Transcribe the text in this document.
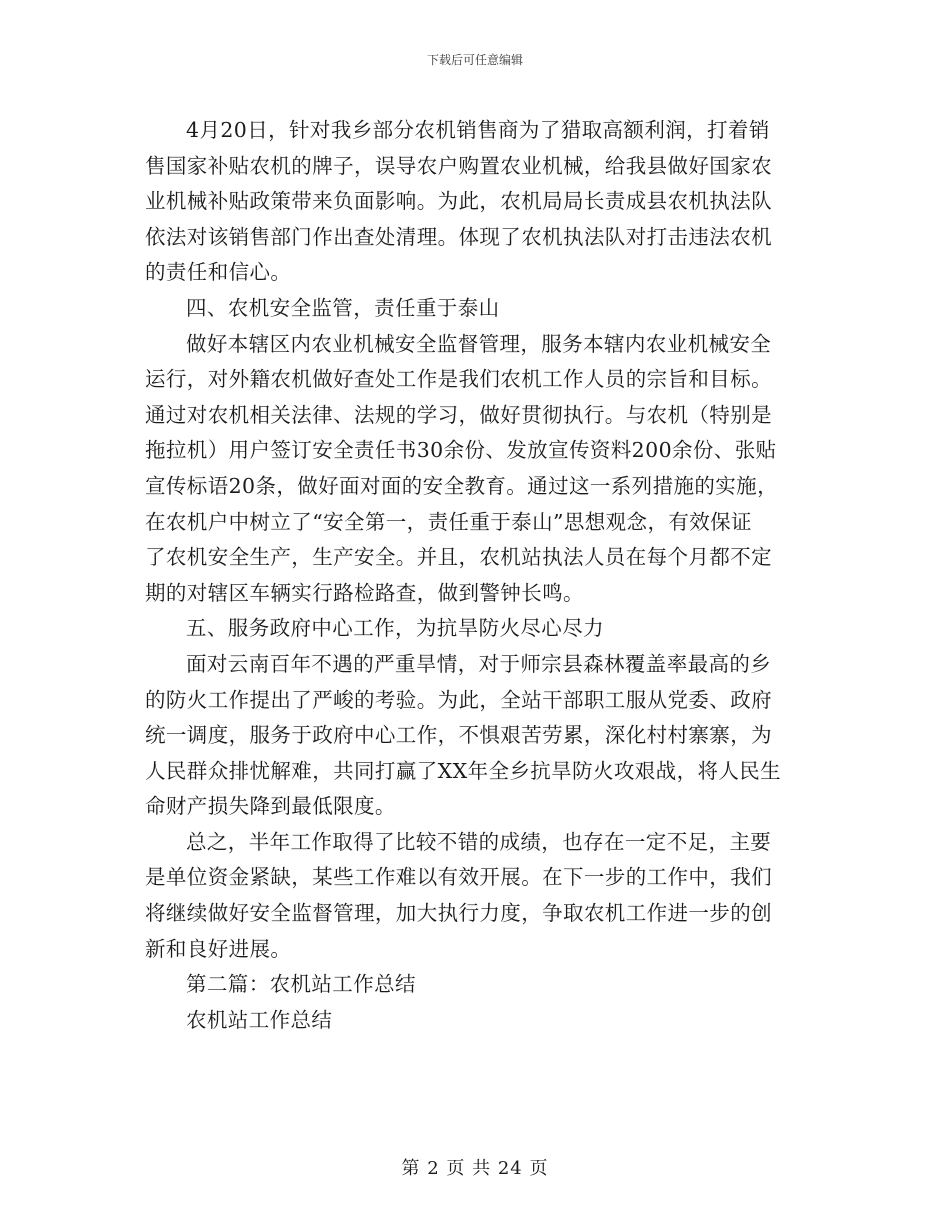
下载后可任意编辑

4月20日，针对我乡部分农机销售商为了猎取高额利润，打着销
售国家补贴农机的牌子，误导农户购置农业机械，给我县做好国家农
业机械补贴政策带来负面影响。为此，农机局局长责成县农机执法队
依法对该销售部门作出查处清理。体现了农机执法队对打击违法农机
的责任和信心。

四、农机安全监管，责任重于泰山

做好本辖区内农业机械安全监督管理，服务本辖内农业机械安全
运行，对外籍农机做好查处工作是我们农机工作人员的宗旨和目标。
通过对农机相关法律、法规的学习，做好贯彻执行。与农机（特别是
拖拉机）用户签订安全责任书30余份、发放宣传资料200余份、张贴
宣传标语20条，做好面对面的安全教育。通过这一系列措施的实施，
在农机户中树立了“安全第一，责任重于泰山”思想观念，有效保证
了农机安全生产，生产安全。并且，农机站执法人员在每个月都不定
期的对辖区车辆实行路检路查，做到警钟长鸣。

五、服务政府中心工作，为抗旱防火尽心尽力

面对云南百年不遇的严重旱情，对于师宗县森林覆盖率最高的乡
的防火工作提出了严峻的考验。为此，全站干部职工服从党委、政府
统一调度，服务于政府中心工作，不惧艰苦劳累，深化村村寨寨，为
人民群众排忧解难，共同打赢了XX年全乡抗旱防火攻艰战，将人民生
命财产损失降到最低限度。

总之，半年工作取得了比较不错的成绩，也存在一定不足，主要
是单位资金紧缺，某些工作难以有效开展。在下一步的工作中，我们
将继续做好安全监督管理，加大执行力度，争取农机工作进一步的创
新和良好进展。

第二篇：农机站工作总结

农机站工作总结

第 2 页 共 24 页
